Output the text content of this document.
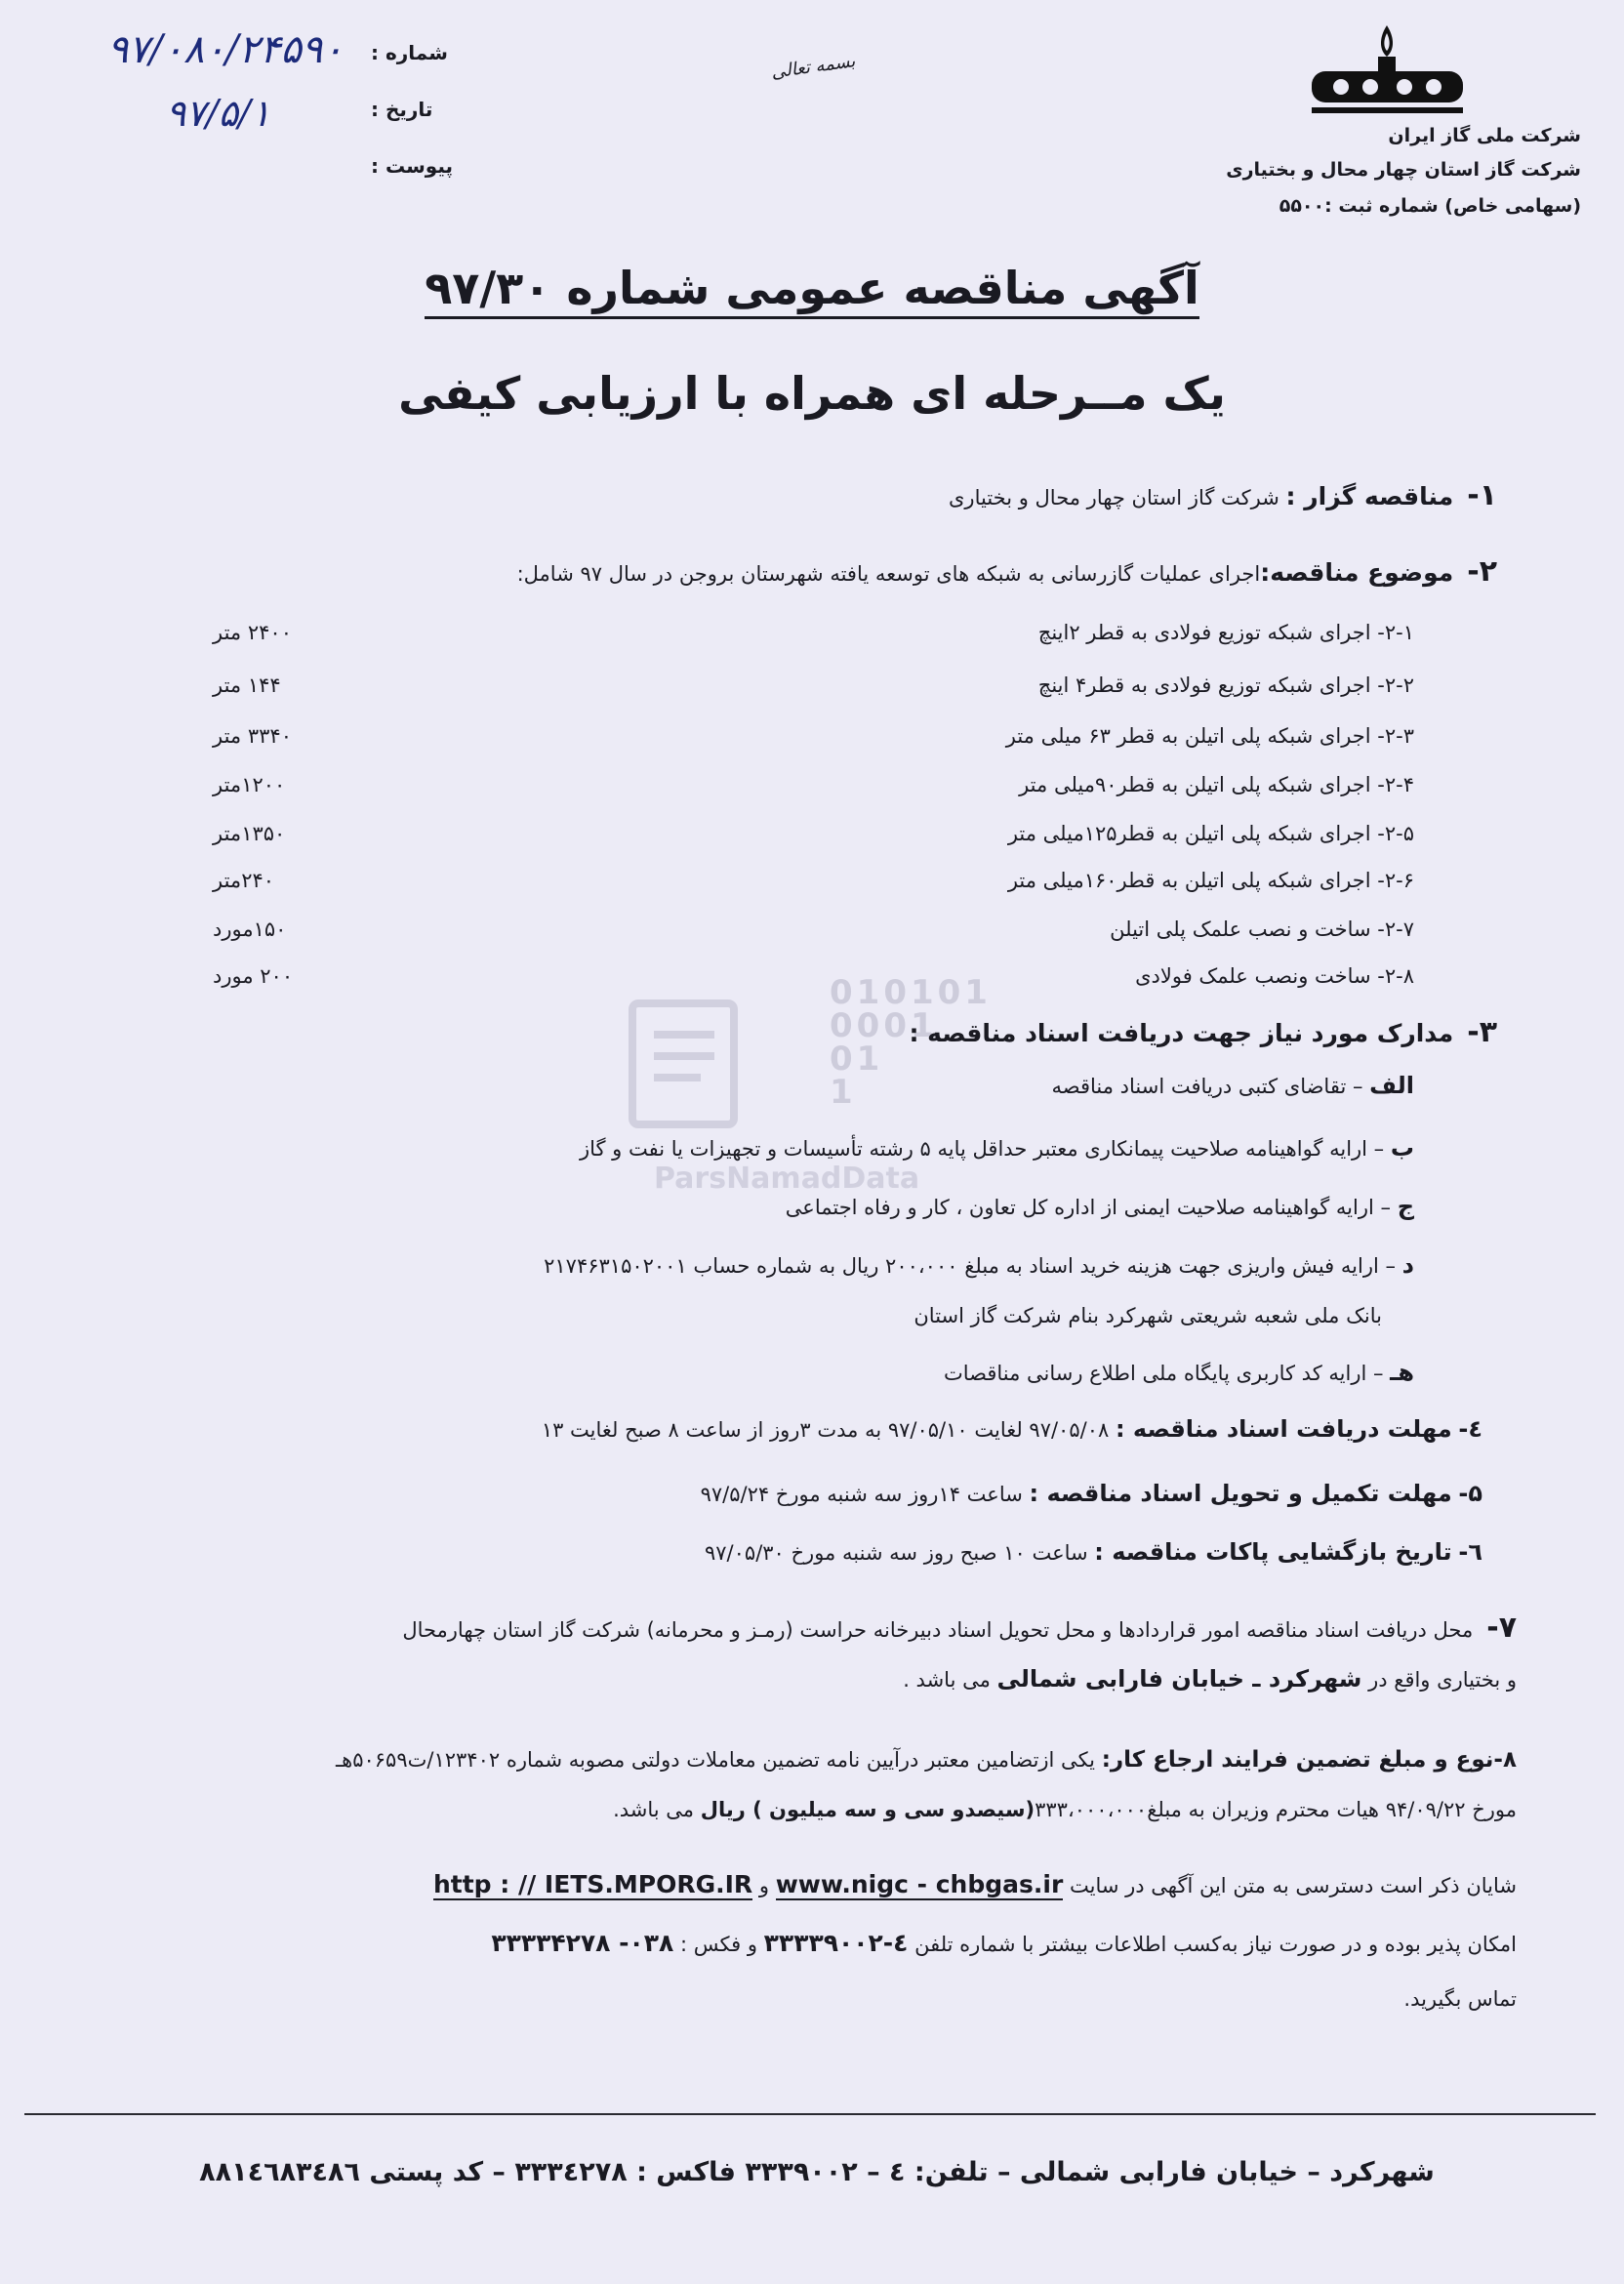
شرکت ملی گاز ایران
شرکت گاز استان چهار محال و بختیاری
(سهامی خاص) شماره ثبت :۵۵۰۰
بسمه تعالی
شماره :
تاریخ :
پیوست :
۹۷/۰۸۰/۲۴۵۹۰
۹۷/۵/۱
آگهی مناقصه عمومی شماره ۹۷/۳۰
یک مــرحله ای همراه با ارزیابی کیفی
۱-مناقصه گزار : شرکت گاز استان چهار محال و بختیاری
۲-موضوع مناقصه:اجرای عملیات گازرسانی به شبکه های توسعه یافته شهرستان بروجن در سال ۹۷ شامل:
۲-۱- اجرای شبکه توزیع فولادی به قطر ۲اینچ
۲۴۰۰ متر
۲-۲- اجرای شبکه توزیع فولادی به قطر۴ اینچ
۱۴۴ متر
۲-۳- اجرای شبکه پلی اتیلن به قطر ۶۳ میلی متر
۳۳۴۰ متر
۲-۴- اجرای شبکه پلی اتیلن به قطر۹۰میلی متر
۱۲۰۰متر
۲-۵- اجرای شبکه پلی اتیلن به قطر۱۲۵میلی متر
۱۳۵۰متر
۲-۶- اجرای شبکه پلی اتیلن به قطر۱۶۰میلی متر
۲۴۰متر
۲-۷- ساخت و نصب علمک پلی اتیلن
۱۵۰مورد
۲-۸- ساخت ونصب علمک فولادی
۲۰۰ مورد	010101
0001
01
1
ParsNamadData
۳-مدارک مورد نیاز جهت دریافت اسناد مناقصه :
الف – تقاضای کتبی دریافت اسناد مناقصه
ب – ارایه گواهینامه صلاحیت پیمانکاری معتبر حداقل پایه ۵ رشته تأسیسات و تجهیزات یا نفت و گاز
ج – ارایه گواهینامه صلاحیت ایمنی از اداره کل تعاون ، کار و رفاه اجتماعی
د – ارایه فیش واریزی جهت هزینه خرید اسناد به مبلغ ۲۰۰،۰۰۰ ریال به شماره حساب ۲۱۷۴۶۳۱۵۰۲۰۰۱
بانک ملی شعبه شریعتی شهرکرد بنام شرکت گاز استان
هـ – ارایه کد کاربری پایگاه ملی اطلاع رسانی مناقصات
٤- مهلت دریافت اسناد مناقصه : ۹۷/۰۵/۰۸ لغایت ۹۷/۰۵/۱۰ به مدت ۳روز از ساعت ۸ صبح لغایت ۱۳
۵- مهلت تکمیل و تحویل اسناد مناقصه : ساعت ۱۴روز سه شنبه مورخ ۹۷/۵/۲۴
٦- تاریخ بازگشایی پاکات مناقصه : ساعت ۱۰ صبح روز سه شنبه مورخ ۹۷/۰۵/۳۰
۷-محل دریافت اسناد مناقصه امور قراردادها و محل تحویل اسناد دبیرخانه حراست (رمـز و محرمانه) شرکت گاز استان چهارمحال
و بختیاری واقع در شهرکرد ـ خیابان فارابی شمالی می باشد .
۸-نوع و مبلغ تضمین فرایند ارجاع کار: یکی ازتضامین معتبر درآیین نامه تضمین معاملات دولتی مصوبه شماره ۱۲۳۴۰۲/ت۵۰۶۵۹هـ
مورخ ۹۴/۰۹/۲۲ هیات محترم وزیران به مبلغ۳۳۳،۰۰۰،۰۰۰(سیصدو سی و سه میلیون ) ریال می باشد.
شایان ذکر است دسترسی به متن این آگهی در سایت www.nigc - chbgas.ir و http : // IETS.MPORG.IR
امکان پذیر بوده و در صورت نیاز به‌کسب اطلاعات بیشتر با شماره تلفن ٤-۳۳۳۳۹۰۰۲ و فکس : ۰۳۸- ۳۳۳۳۴۲۷۸
تماس بگیرید.
شهرکرد – خیابان فارابی شمالی – تلفن: ٤ – ۳۳۳۹۰۰۲ فاکس : ۳۳۳٤۲۷۸ – کد پستی ۸۸۱٤٦۸۳٤۸٦
